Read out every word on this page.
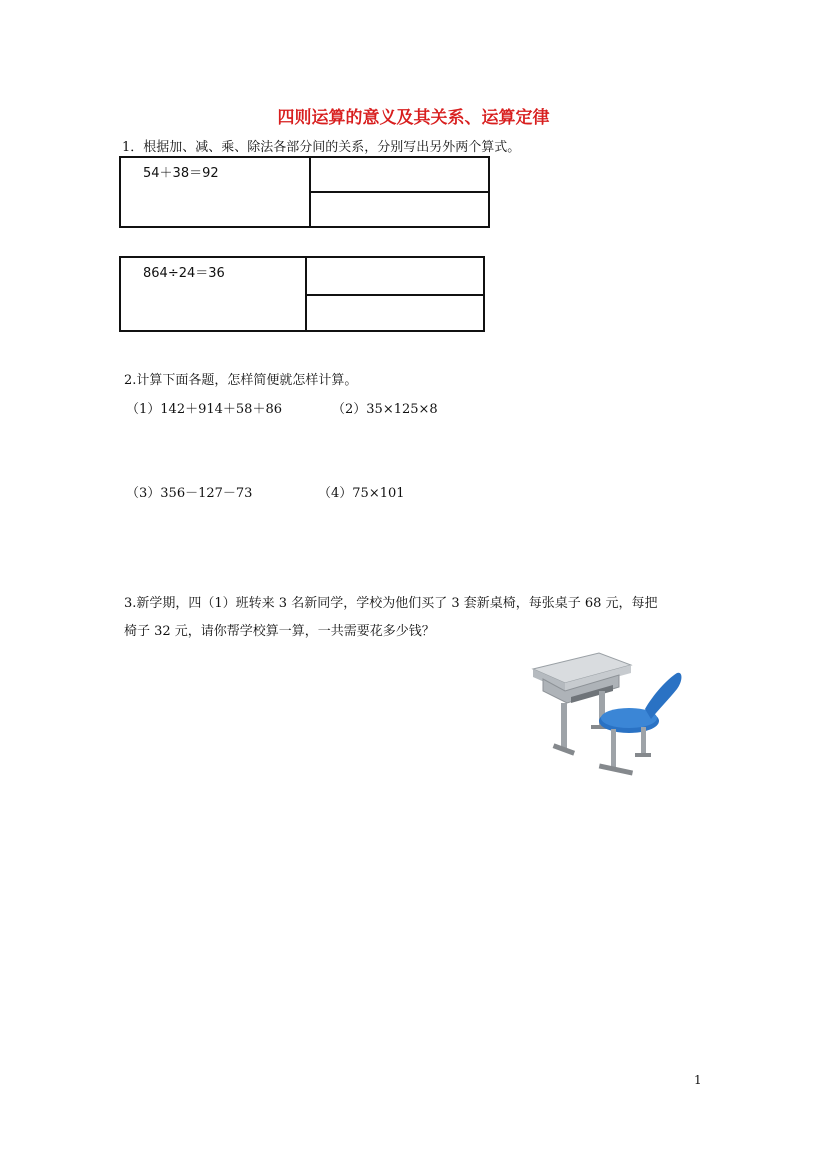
四则运算的意义及其关系、运算定律
1．根据加、减、乘、除法各部分间的关系，分别写出另外两个算式。
54＋38＝92
864÷24＝36
2.计算下面各题，怎样简便就怎样计算。
（1）142＋914＋58＋86	（2）35×125×8
（3）356－127－73	（4）75×101
3.新学期，四（1）班转来 3 名新同学，学校为他们买了 3 套新桌椅，每张桌子 68 元，每把
椅子 32 元，请你帮学校算一算，一共需要花多少钱？
1
